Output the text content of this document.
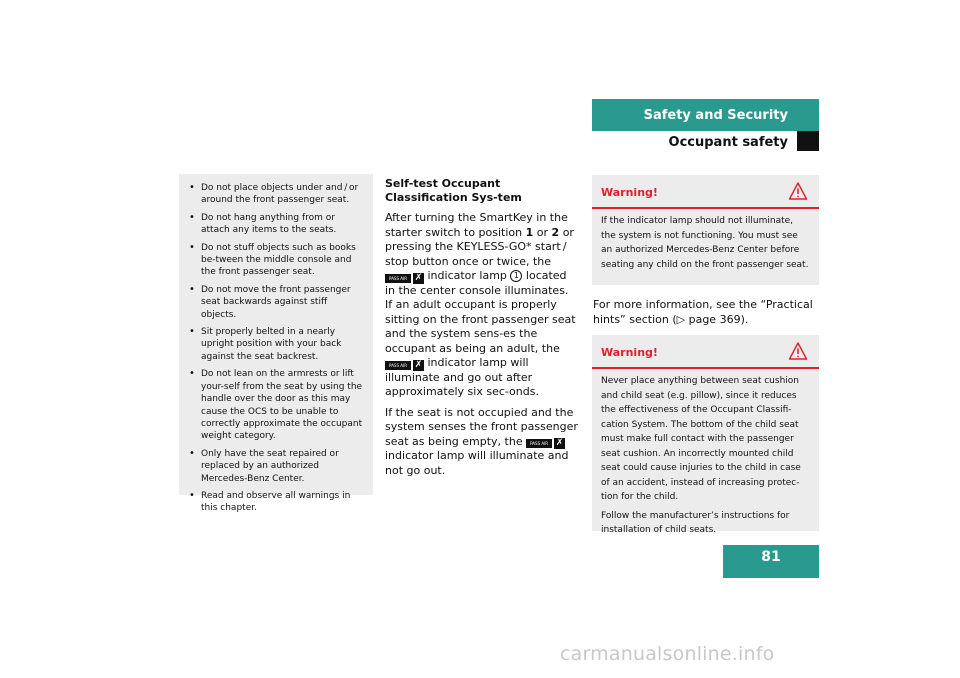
Safety and Security
Occupant safety
• Do not place objects under and / or around the front passenger seat.
• Do not hang anything from or attach any items to the seats.
• Do not stuff objects such as books be-tween the middle console and the front passenger seat.
• Do not move the front passenger seat backwards against stiff objects.
• Sit properly belted in a nearly upright position with your back against the seat backrest.
• Do not lean on the armrests or lift your-self from the seat by using the handle over the door as this may cause the OCS to be unable to correctly approximate the occupant weight category.
• Only have the seat repaired or replaced by an authorized Mercedes-Benz Center.
• Read and observe all warnings in this chapter.
Self-test Occupant Classification Sys-tem

After turning the SmartKey in the starter switch to position 1 or 2 or pressing the KEYLESS-GO* start / stop button once or twice, the PASS AIR✗ indicator lamp 1 located in the center console illuminates. If an adult occupant is properly sitting on the front passenger seat and the system sens-es the occupant as being an adult, the PASS AIR✗ indicator lamp will illuminate and go out after approximately six sec-onds.

If the seat is not occupied and the system senses the front passenger seat as being empty, the PASS AIR✗ indicator lamp will illuminate and not go out.

Warning!

If the indicator lamp should not illuminate, the system is not functioning. You must see an authorized Mercedes-Benz Center before seating any child on the front passenger seat.

For more information, see the “Practical hints” section (▷ page 369).
Warning!

Never place anything between seat cushion and child seat (e.g. pillow), since it reduces the effectiveness of the Occupant Classifi-cation System. The bottom of the child seat must make full contact with the passenger seat cushion. An incorrectly mounted child seat could cause injuries to the child in case of an accident, instead of increasing protec-tion for the child.

Follow the manufacturer’s instructions for installation of child seats.

81
carmanualsonline.info
